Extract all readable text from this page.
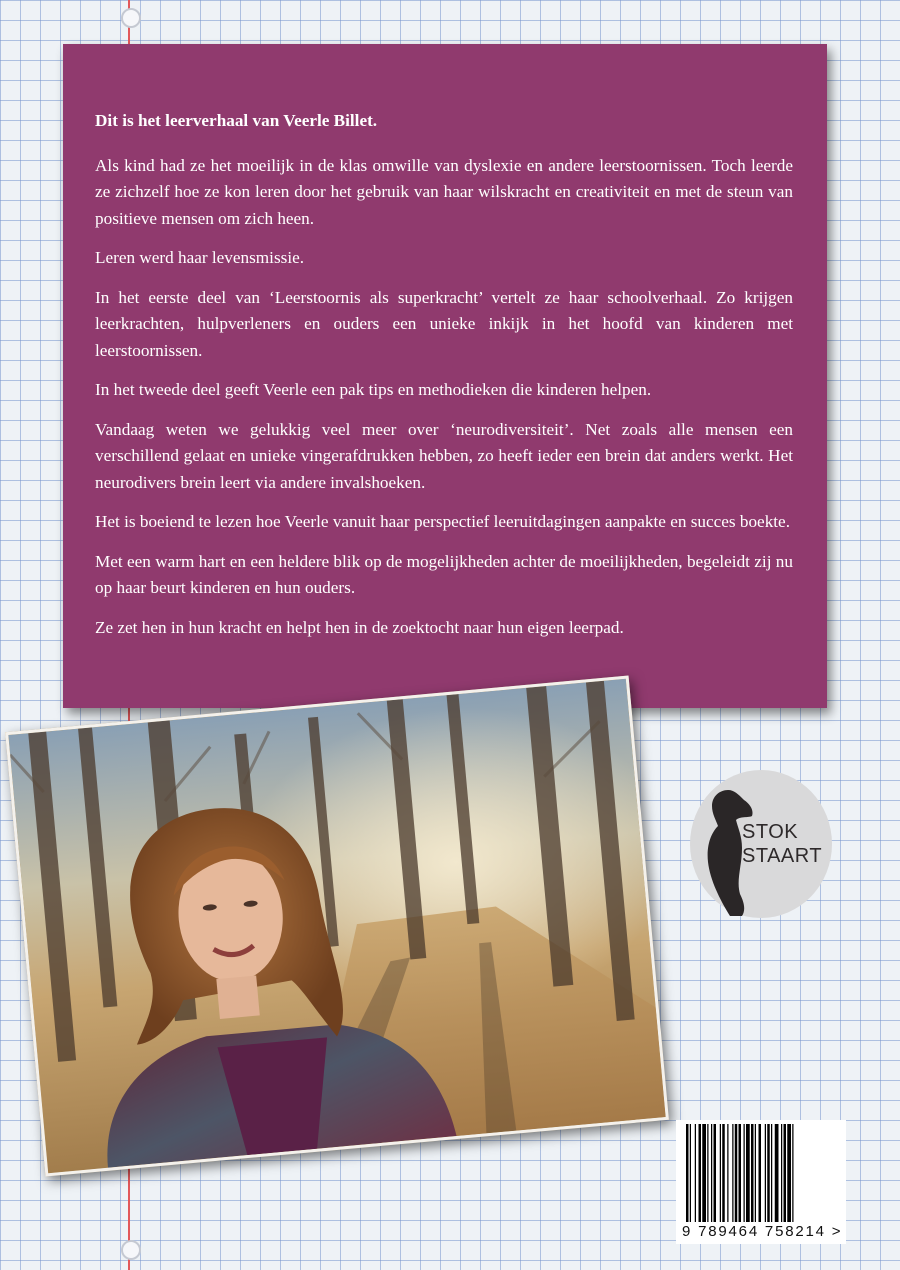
Dit is het leerverhaal van Veerle Billet.

Als kind had ze het moeilijk in de klas omwille van dyslexie en andere leerstoornissen. Toch leerde ze zichzelf hoe ze kon leren door het gebruik van haar wilskracht en creativiteit en met de steun van positieve mensen om zich heen.

Leren werd haar levensmissie.

In het eerste deel van ‘Leerstoornis als superkracht’ vertelt ze haar schoolverhaal. Zo krijgen leerkrachten, hulpverleners en ouders een unieke inkijk in het hoofd van kinderen met leerstoornissen.

In het tweede deel geeft Veerle een pak tips en methodieken die kinderen helpen.

Vandaag weten we gelukkig veel meer over ‘neurodiversiteit’. Net zoals alle mensen een verschillend gelaat en unieke vingerafdrukken hebben, zo heeft ieder een brein dat anders werkt. Het neurodivers brein leert via andere invalshoeken.

Het is boeiend te lezen hoe Veerle vanuit haar perspectief leeruitdagingen aanpakte en succes boekte.

Met een warm hart en een heldere blik op de mogelijkheden achter de moeilijkheden, begeleidt zij nu op haar beurt kinderen en hun ouders.

Ze zet hen in hun kracht en helpt hen in de zoektocht naar hun eigen leerpad.

STOK
STAART
9 789464 758214 >
